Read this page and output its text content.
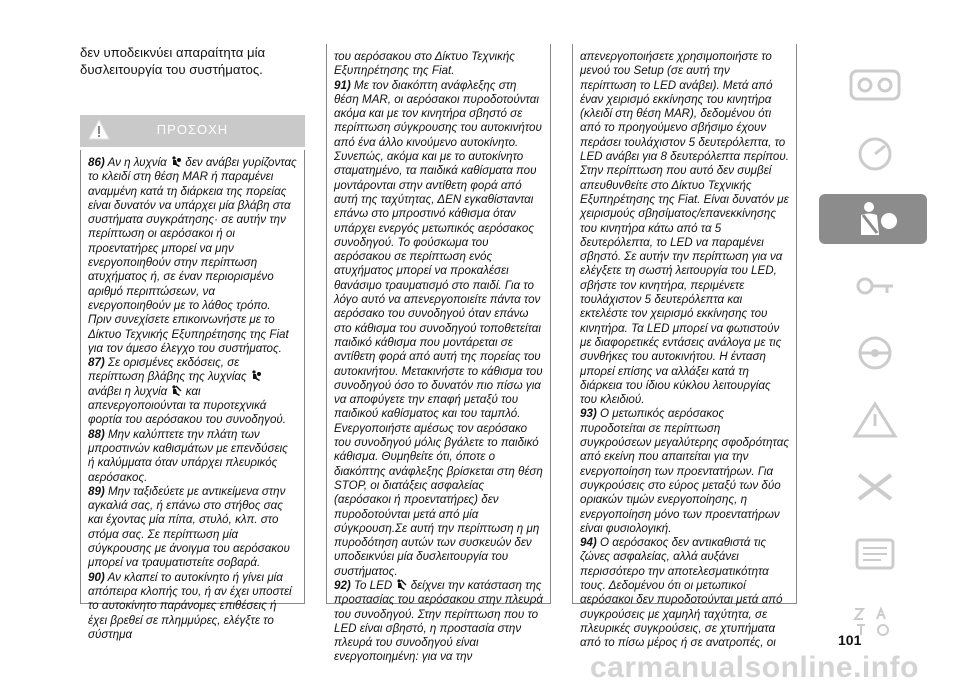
δεν υποδεικνύει απαραίτητα μία δυσλειτουργία του συστήματος.
ΠΡΟΣΟΧΗ

86) Αν η λυχνία δεν ανάβει γυρίζοντας το κλειδί στη θέση MAR ή παραμένει αναμμένη κατά τη διάρκεια της πορείας είναι δυνατόν να υπάρχει μία βλάβη στα συστήματα συγκράτησης· σε αυτήν την περίπτωση οι αερόσακοι ή οι προεντατήρες μπορεί να μην ενεργοποιηθούν στην περίπτωση ατυχήματος ή, σε έναν περιορισμένο αριθμό περιπτώσεων, να ενεργοποιηθούν με το λάθος τρόπο. Πριν συνεχίσετε επικοινωνήστε με το Δίκτυο Τεχνικής Εξυπηρέτησης της Fiat για τον άμεσο έλεγχο του συστήματος.

87) Σε ορισμένες εκδόσεις, σε περίπτωση βλάβης της λυχνίας  ανάβει η λυχνία και απενεργοποιούνται τα πυροτεχνικά φορτία του αερόσακου του συνοδηγού.

88) Μην καλύπτετε την πλάτη των μπροστινών καθισμάτων με επενδύσεις ή καλύμματα όταν υπάρχει πλευρικός αερόσακος.

89) Μην ταξιδεύετε με αντικείμενα στην αγκαλιά σας, ή επάνω στο στήθος σας και έχοντας μία πίπα, στυλό, κλπ. στο στόμα σας. Σε περίπτωση μία σύγκρουσης με άνοιγμα του αερόσακου μπορεί να τραυματιστείτε σοβαρά.

90) Αν κλαπεί το αυτοκίνητο ή γίνει μία απόπειρα κλοπής του, ή αν έχει υποστεί το αυτοκίνητο παράνομες επιθέσεις ή έχει βρεθεί σε πλημμύρες, ελέγξτε το σύστημα

του αερόσακου στο Δίκτυο Τεχνικής Εξυπηρέτησης της Fiat.

91) Με τον διακόπτη ανάφλεξης στη θέση MAR, οι αερόσακοι πυροδοτούνται ακόμα και με τον κινητήρα σβηστό σε περίπτωση σύγκρουσης του αυτοκινήτου από ένα άλλο κινούμενο αυτοκίνητο. Συνεπώς, ακόμα και με το αυτοκίνητο σταματημένο, τα παιδικά καθίσματα που μοντάρονται στην αντίθετη φορά από αυτή της ταχύτητας, ΔΕΝ εγκαθίστανται επάνω στο μπροστινό κάθισμα όταν υπάρχει ενεργός μετωπικός αερόσακος συνοδηγού. Το φούσκωμα του αερόσακου σε περίπτωση ενός ατυχήματος μπορεί να προκαλέσει θανάσιμο τραυματισμό στο παιδί. Για το λόγο αυτό να απενεργοποιείτε πάντα τον αερόσακο του συνοδηγού όταν επάνω στο κάθισμα του συνοδηγού τοποθετείται παιδικό κάθισμα που μοντάρεται σε αντίθετη φορά από αυτή της πορείας του αυτοκινήτου. Μετακινήστε το κάθισμα του συνοδηγού όσο το δυνατόν πιο πίσω για να αποφύγετε την επαφή μεταξύ του παιδικού καθίσματος και του ταμπλό. Ενεργοποιήστε αμέσως τον αερόσακο του συνοδηγού μόλις βγάλετε το παιδικό κάθισμα. Θυμηθείτε ότι, όποτε ο διακόπτης ανάφλεξης βρίσκεται στη θέση STOP, οι διατάξεις ασφαλείας (αερόσακοι ή προεντατήρες) δεν πυροδοτούνται μετά από μία σύγκρουση.Σε αυτή την περίπτωση η μη πυροδότηση αυτών των συσκευών δεν υποδεικνύει μία δυσλειτουργία του συστήματος.

92) To LED δείχνει την κατάσταση της προστασίας του αερόσακου στην πλευρά του συνοδηγού. Στην περίπτωση που το LED είναι σβηστό, η προστασία στην πλευρά του συνοδηγού είναι ενεργοποιημένη: για να την

απενεργοποιήσετε χρησιμοποιήστε το μενού του Setup (σε αυτή την περίπτωση το LED ανάβει). Μετά από έναν χειρισμό εκκίνησης του κινητήρα (κλειδί στη θέση MAR), δεδομένου ότι από το προηγούμενο σβήσιμο έχουν περάσει τουλάχιστον 5 δευτερόλεπτα, το LED ανάβει για 8 δευτερόλεπτα περίπου. Στην περίπτωση που αυτό δεν συμβεί απευθυνθείτε στο Δίκτυο Τεχνικής Εξυπηρέτησης της Fiat. Είναι δυνατόν με χειρισμούς σβησίματος/επανεκκίνησης του κινητήρα κάτω από τα 5 δευτερόλεπτα, το LED να παραμένει σβηστό. Σε αυτήν την περίπτωση για να ελέγξετε τη σωστή λειτουργία του LED, σβήστε τον κινητήρα, περιμένετε τουλάχιστον 5 δευτερόλεπτα και εκτελέστε τον χειρισμό εκκίνησης του κινητήρα. Τα LED μπορεί να φωτιστούν με διαφορετικές εντάσεις ανάλογα με τις συνθήκες του αυτοκινήτου. Η ένταση μπορεί επίσης να αλλάξει κατά τη διάρκεια του ίδιου κύκλου λειτουργίας του κλειδιού.

93) Ο μετωπικός αερόσακος πυροδοτείται σε περίπτωση συγκρούσεων μεγαλύτερης σφοδρότητας από εκείνη που απαιτείται για την ενεργοποίηση των προεντατήρων. Για συγκρούσεις στο εύρος μεταξύ των δύο οριακών τιμών ενεργοποίησης, η ενεργοποίηση μόνο των προεντατήρων είναι φυσιολογική.

94) Ο αερόσακος δεν αντικαθιστά τις ζώνες ασφαλείας, αλλά αυξάνει περισσότερο την αποτελεσματικότητα τους. Δεδομένου ότι οι μετωπικοί αερόσακοι δεν πυροδοτούνται μετά από συγκρούσεις με χαμηλή ταχύτητα, σε πλευρικές συγκρούσεις, σε χτυπήματα από το πίσω μέρος ή σε ανατροπές, οι	101
carmanualsonline.info
